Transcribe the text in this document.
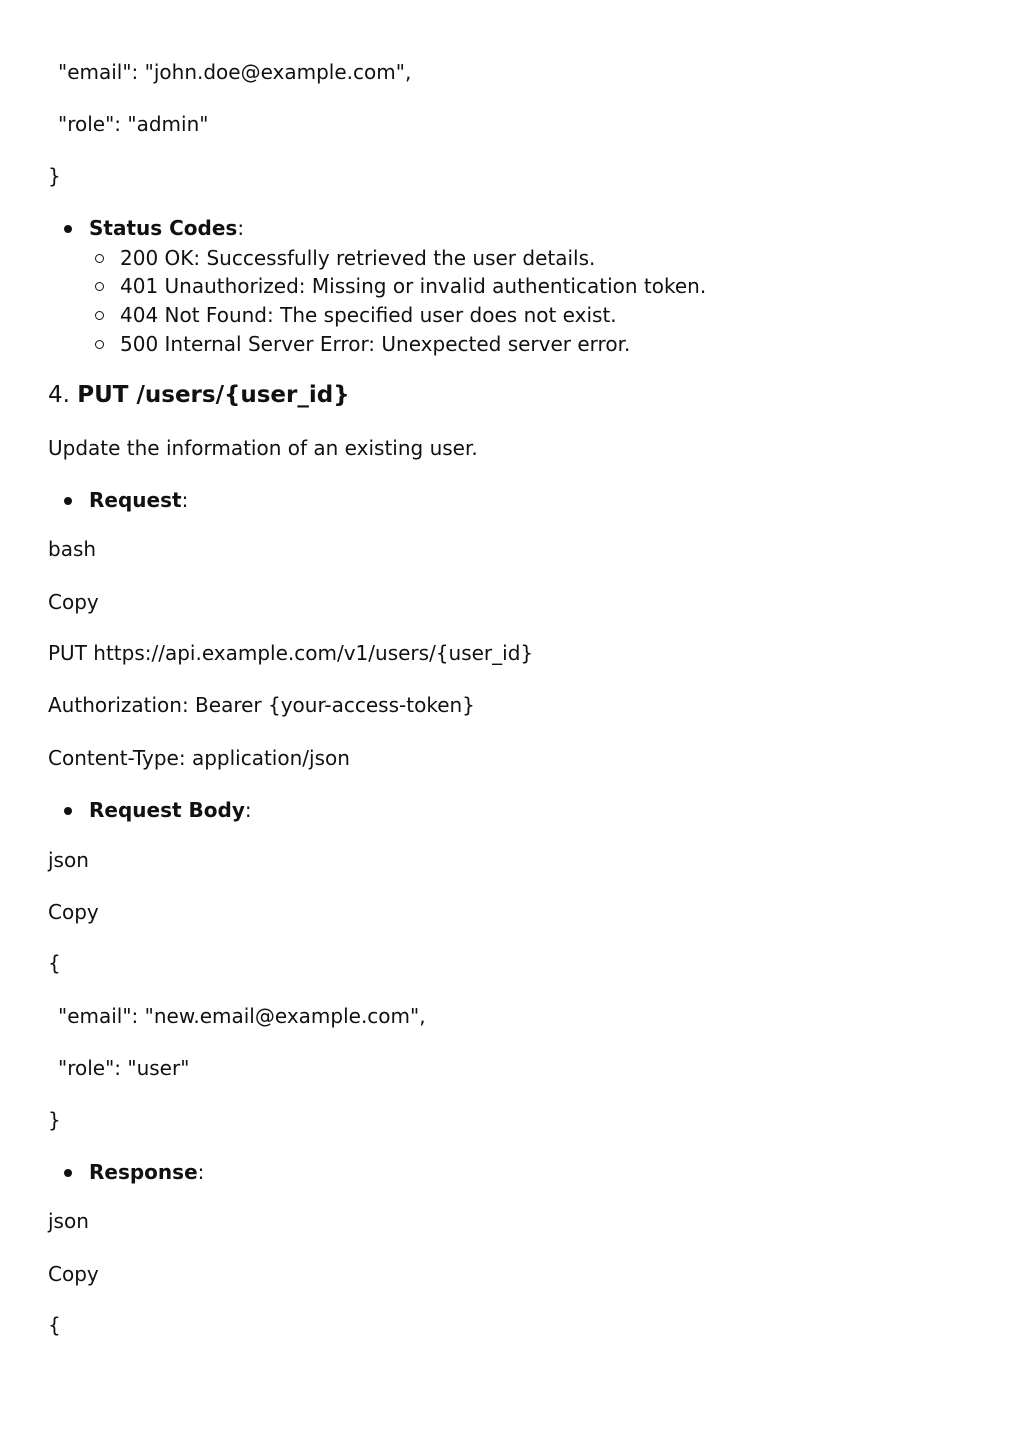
"email": "john.doe@example.com",
"role": "admin"
}
Status Codes:
200 OK: Successfully retrieved the user details.
401 Unauthorized: Missing or invalid authentication token.
404 Not Found: The specified user does not exist.
500 Internal Server Error: Unexpected server error.
4. PUT /users/{user_id}
Update the information of an existing user.
Request:
bash
Copy
PUT https://api.example.com/v1/users/{user_id}
Authorization: Bearer {your-access-token}
Content-Type: application/json
Request Body:
json
Copy
{
"email": "new.email@example.com",
"role": "user"
}
Response:
json
Copy
{
